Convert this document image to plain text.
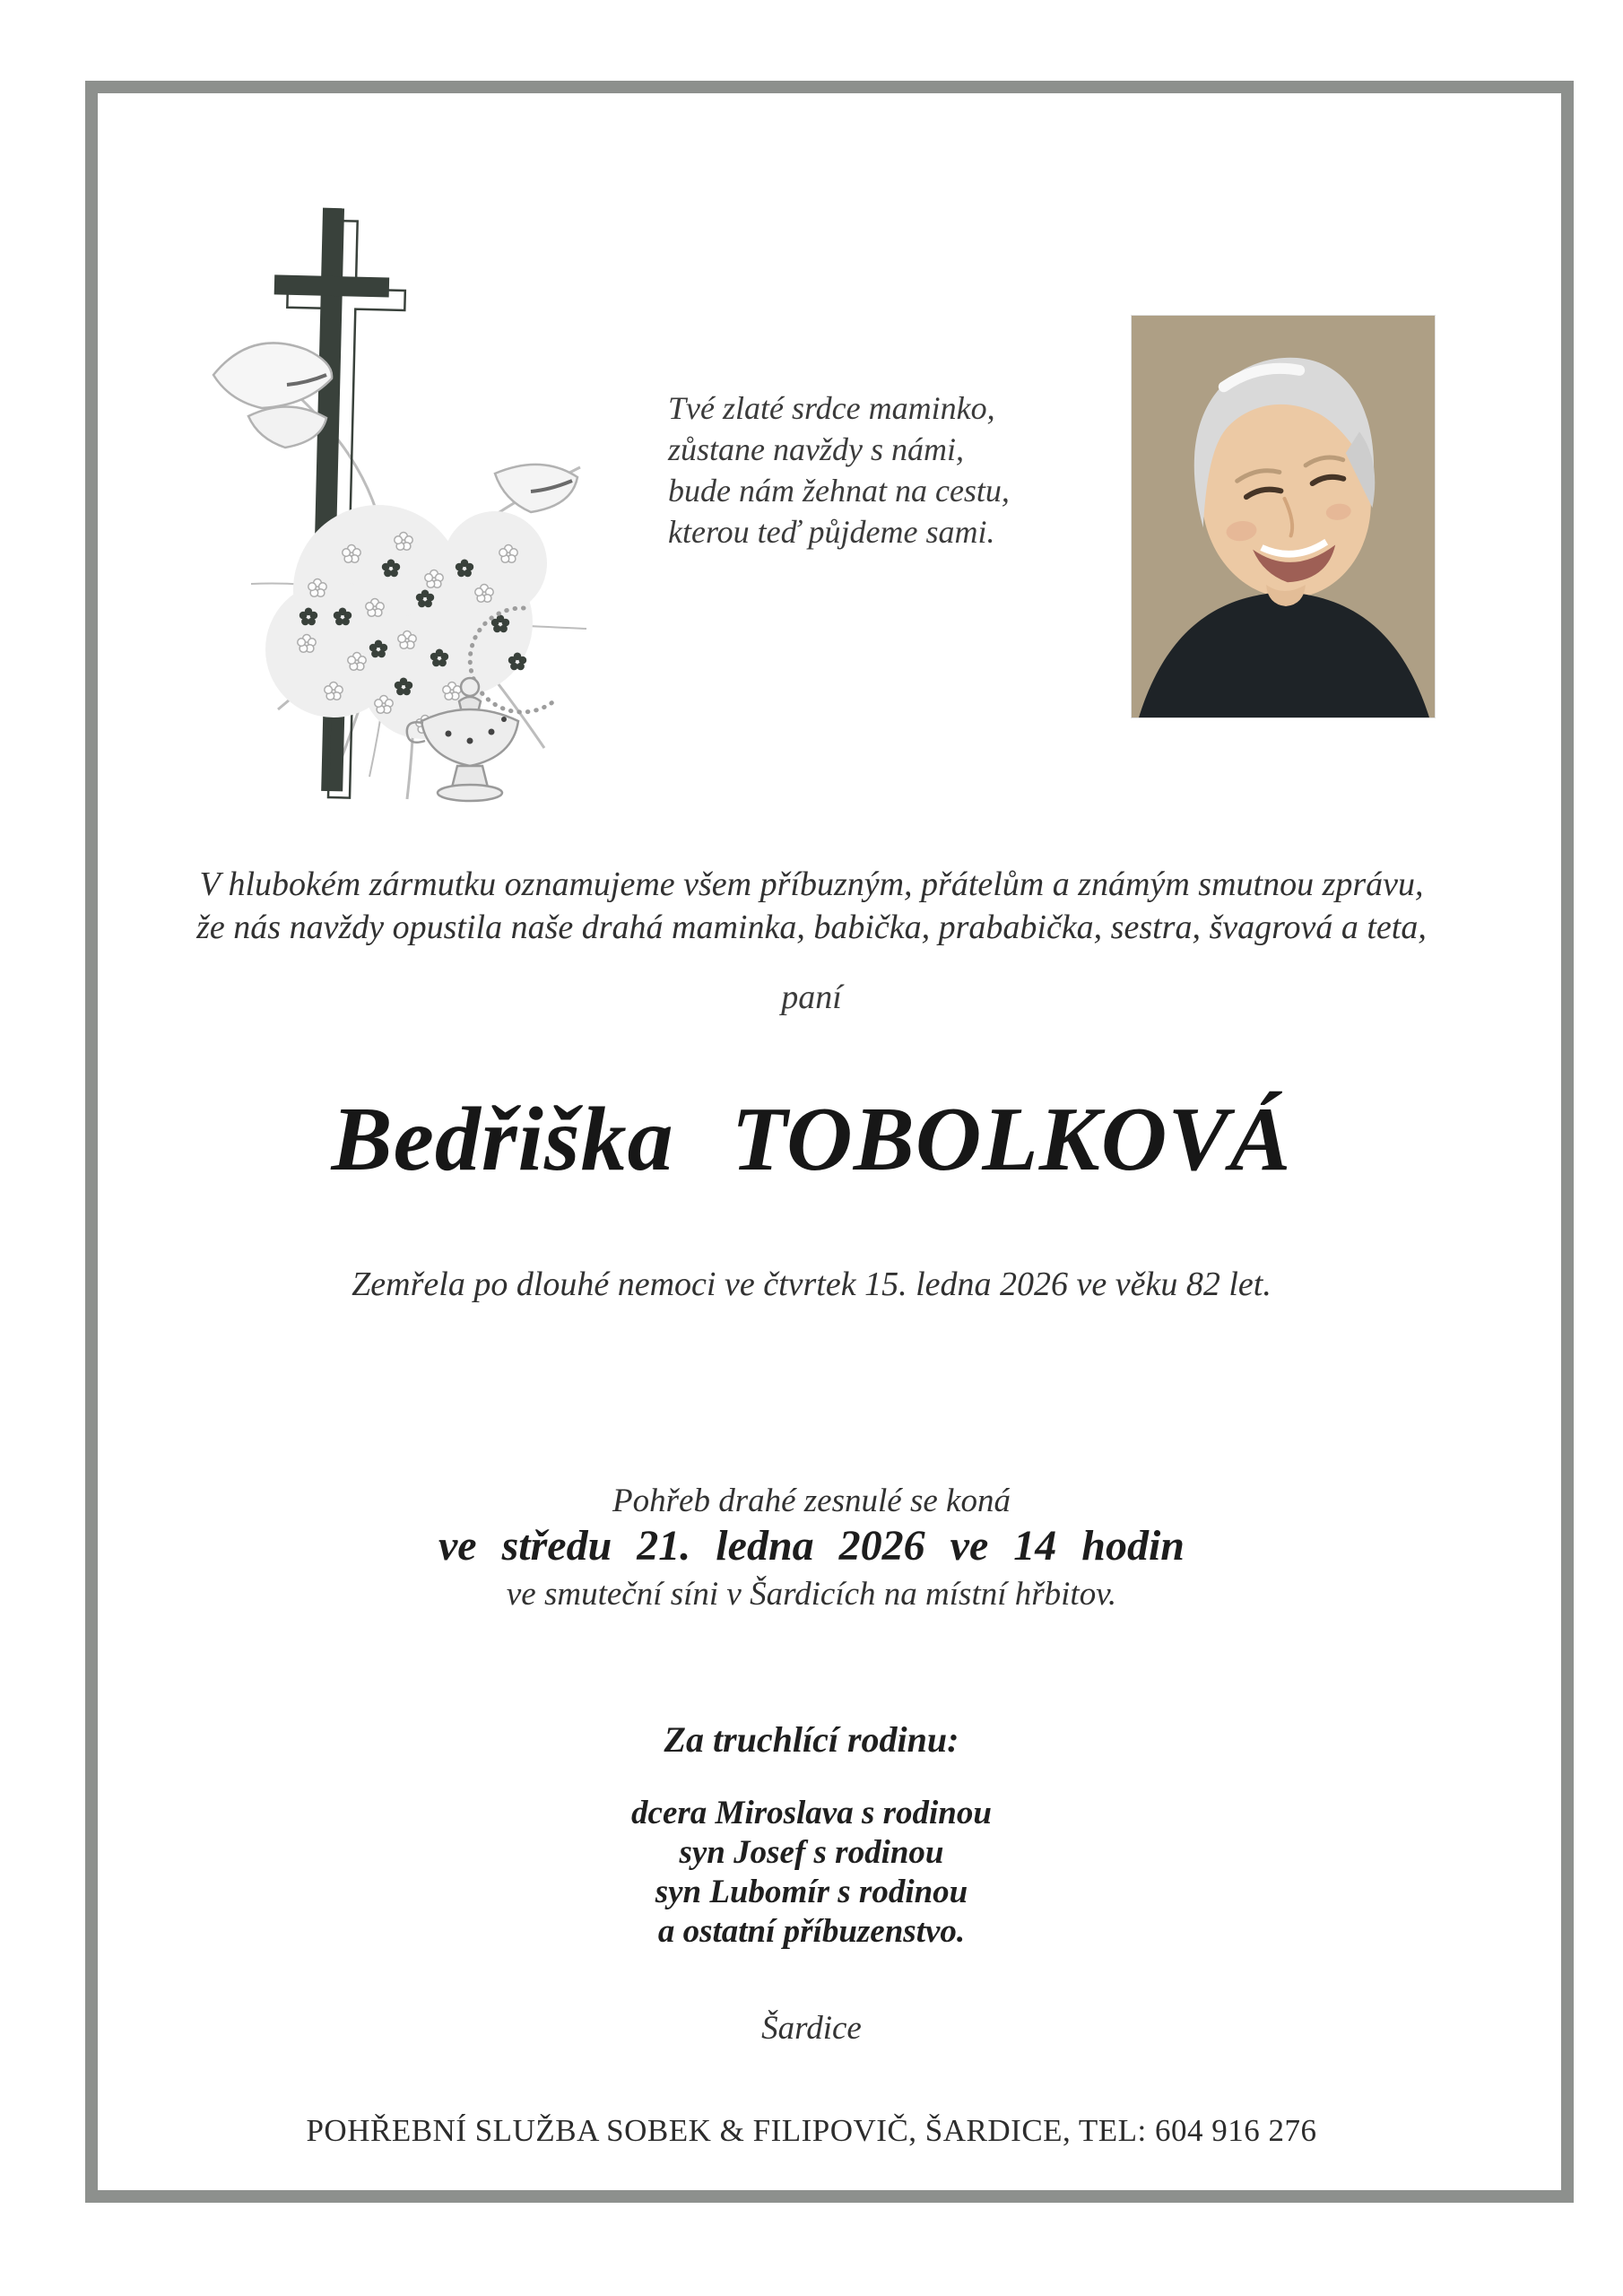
Tvé zlaté srdce maminko,
zůstane navždy s námi,
bude nám žehnat na cestu,
kterou teď půjdeme sami.
V hlubokém zármutku oznamujeme všem příbuzným, přátelům a známým smutnou zprávu,
že nás navždy opustila naše drahá maminka, babička, prababička, sestra, švagrová a teta,
paní
Bedřiška TOBOLKOVÁ
Zemřela po dlouhé nemoci ve čtvrtek 15. ledna 2026 ve věku 82 let.
Pohřeb drahé zesnulé se koná
ve středu 21. ledna 2026 ve 14 hodin
ve smuteční síni v Šardicích na místní hřbitov.
Za truchlící rodinu:
dcera Miroslava s rodinou
syn Josef s rodinou
syn Lubomír s rodinou
a ostatní příbuzenstvo.
Šardice
POHŘEBNÍ SLUŽBA SOBEK & FILIPOVIČ, ŠARDICE, TEL: 604 916 276
